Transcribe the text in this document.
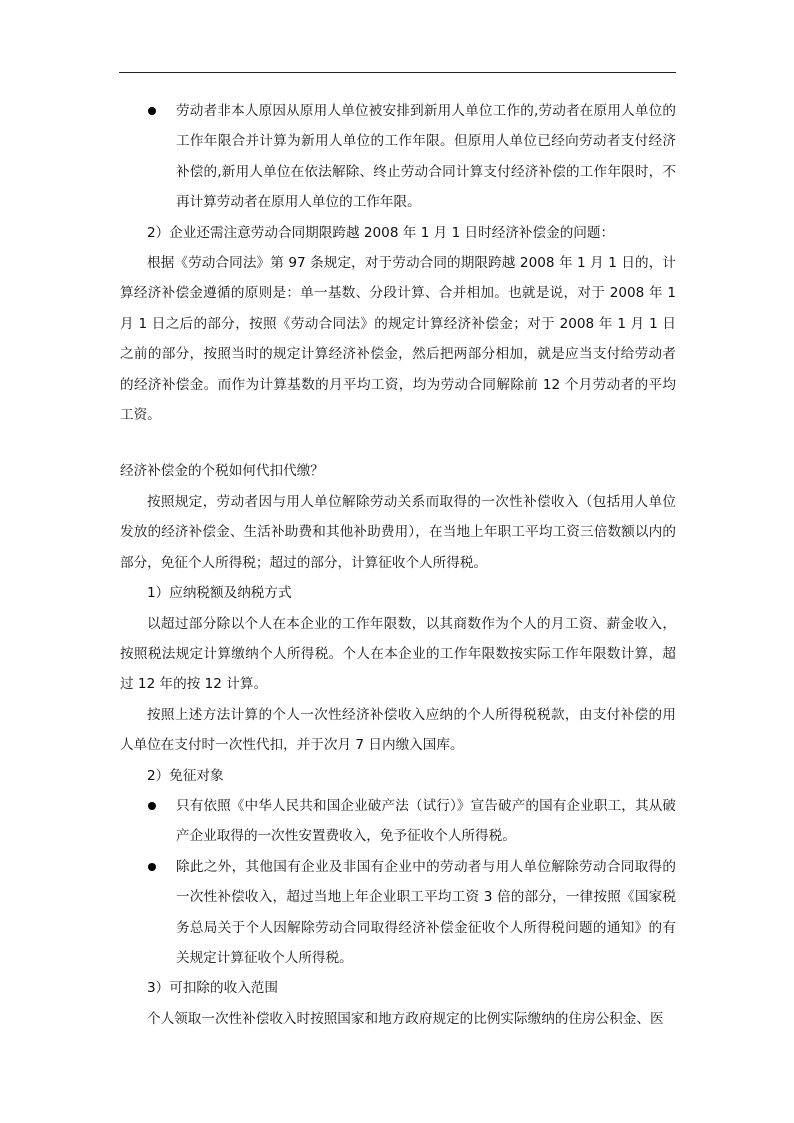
劳动者非本人原因从原用人单位被安排到新用人单位工作的,劳动者在原用人单位的工作年限合并计算为新用人单位的工作年限。但原用人单位已经向劳动者支付经济补偿的,新用人单位在依法解除、终止劳动合同计算支付经济补偿的工作年限时，不再计算劳动者在原用人单位的工作年限。

2）企业还需注意劳动合同期限跨越 2008 年 1 月 1 日时经济补偿金的问题：

根据《劳动合同法》第 97 条规定，对于劳动合同的期限跨越 2008 年 1 月 1 日的，计算经济补偿金遵循的原则是：单一基数、分段计算、合并相加。也就是说，对于 2008 年 1 月 1 日之后的部分，按照《劳动合同法》的规定计算经济补偿金；对于 2008 年 1 月 1 日之前的部分，按照当时的规定计算经济补偿金，然后把两部分相加，就是应当支付给劳动者的经济补偿金。而作为计算基数的月平均工资，均为劳动合同解除前 12 个月劳动者的平均工资。

经济补偿金的个税如何代扣代缴？

按照规定，劳动者因与用人单位解除劳动关系而取得的一次性补偿收入（包括用人单位发放的经济补偿金、生活补助费和其他补助费用），在当地上年职工平均工资三倍数额以内的部分，免征个人所得税；超过的部分，计算征收个人所得税。

1）应纳税额及纳税方式

以超过部分除以个人在本企业的工作年限数，以其商数作为个人的月工资、薪金收入，按照税法规定计算缴纳个人所得税。个人在本企业的工作年限数按实际工作年限数计算，超过 12 年的按 12 计算。

按照上述方法计算的个人一次性经济补偿收入应纳的个人所得税税款，由支付补偿的用人单位在支付时一次性代扣，并于次月 7 日内缴入国库。

2）免征对象

只有依照《中华人民共和国企业破产法（试行）》宣告破产的国有企业职工，其从破产企业取得的一次性安置费收入，免予征收个人所得税。

除此之外，其他国有企业及非国有企业中的劳动者与用人单位解除劳动合同取得的一次性补偿收入，超过当地上年企业职工平均工资 3 倍的部分，一律按照《国家税务总局关于个人因解除劳动合同取得经济补偿金征收个人所得税问题的通知》的有关规定计算征收个人所得税。

3）可扣除的收入范围

个人领取一次性补偿收入时按照国家和地方政府规定的比例实际缴纳的住房公积金、医
